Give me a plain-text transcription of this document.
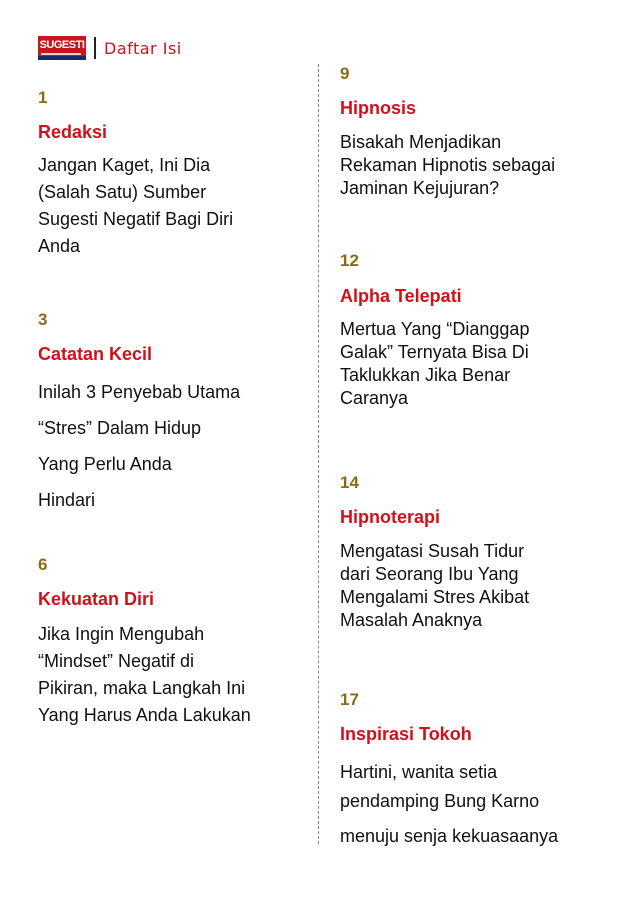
SUGESTI Daftar Isi
1
Redaksi
Jangan Kaget, Ini Dia
(Salah Satu) Sumber
Sugesti Negatif Bagi Diri
Anda
3
Catatan Kecil
Inilah 3 Penyebab Utama
“Stres” Dalam Hidup
Yang Perlu Anda
Hindari
6
Kekuatan Diri
Jika Ingin Mengubah
“Mindset” Negatif di
Pikiran, maka Langkah Ini
Yang Harus Anda Lakukan
9
Hipnosis
Bisakah Menjadikan
Rekaman Hipnotis sebagai
Jaminan Kejujuran?
12
Alpha Telepati
Mertua Yang “Dianggap
Galak” Ternyata Bisa Di
Taklukkan Jika Benar
Caranya
14
Hipnoterapi
Mengatasi Susah Tidur
dari Seorang Ibu Yang
Mengalami Stres Akibat
Masalah Anaknya
17
Inspirasi Tokoh
Hartini, wanita setia
pendamping Bung Karno
menuju senja kekuasaanya
